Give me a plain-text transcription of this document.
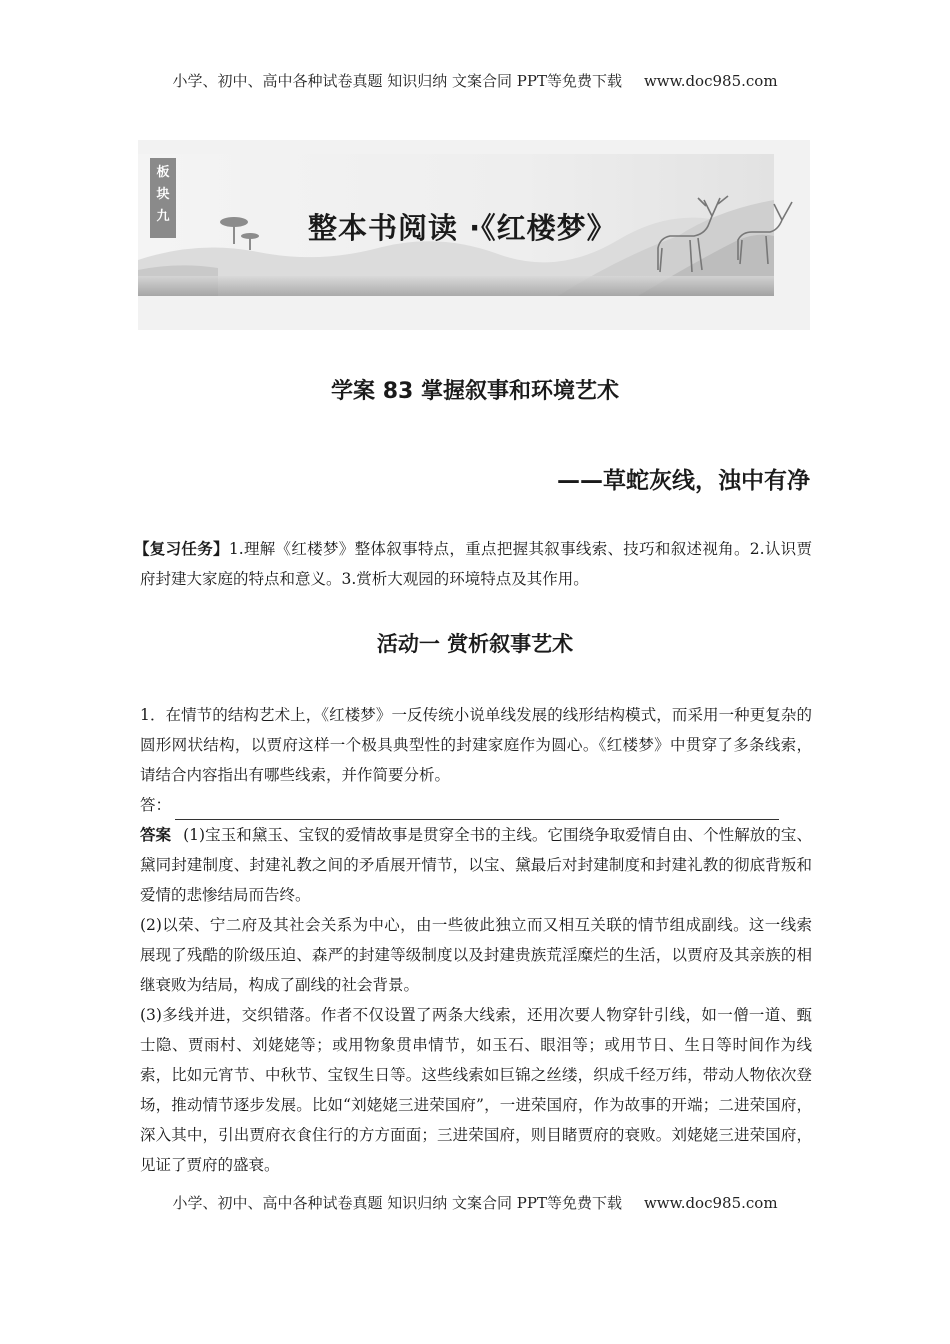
小学、初中、高中各种试卷真题 知识归纳 文案合同 PPT等免费下载 www.doc985.com
板
块
九	整本书阅读 ·《红楼梦》
学案 83 掌握叙事和环境艺术
——草蛇灰线，浊中有净

【复习任务】1.理解《红楼梦》整体叙事特点，重点把握其叙事线索、技巧和叙述视角。2.认识贾府封建大家庭的特点和意义。3.赏析大观园的环境特点及其作用。

活动一 赏析叙事艺术

1．在情节的结构艺术上，《红楼梦》一反传统小说单线发展的线形结构模式，而采用一种更复杂的圆形网状结构，以贾府这样一个极具典型性的封建家庭作为圆心。《红楼梦》中贯穿了多条线索，请结合内容指出有哪些线索，并作简要分析。

答：

答案 (1)宝玉和黛玉、宝钗的爱情故事是贯穿全书的主线。它围绕争取爱情自由、个性解放的宝、黛同封建制度、封建礼教之间的矛盾展开情节，以宝、黛最后对封建制度和封建礼教的彻底背叛和爱情的悲惨结局而告终。

(2)以荣、宁二府及其社会关系为中心，由一些彼此独立而又相互关联的情节组成副线。这一线索展现了残酷的阶级压迫、森严的封建等级制度以及封建贵族荒淫糜烂的生活，以贾府及其亲族的相继衰败为结局，构成了副线的社会背景。

(3)多线并进，交织错落。作者不仅设置了两条大线索，还用次要人物穿针引线，如一僧一道、甄士隐、贾雨村、刘姥姥等；或用物象贯串情节，如玉石、眼泪等；或用节日、生日等时间作为线索，比如元宵节、中秋节、宝钗生日等。这些线索如巨锦之丝缕，织成千经万纬，带动人物依次登场，推动情节逐步发展。比如“刘姥姥三进荣国府”，一进荣国府，作为故事的开端；二进荣国府，深入其中，引出贾府衣食住行的方方面面；三进荣国府，则目睹贾府的衰败。刘姥姥三进荣国府，见证了贾府的盛衰。

小学、初中、高中各种试卷真题 知识归纳 文案合同 PPT等免费下载 www.doc985.com
